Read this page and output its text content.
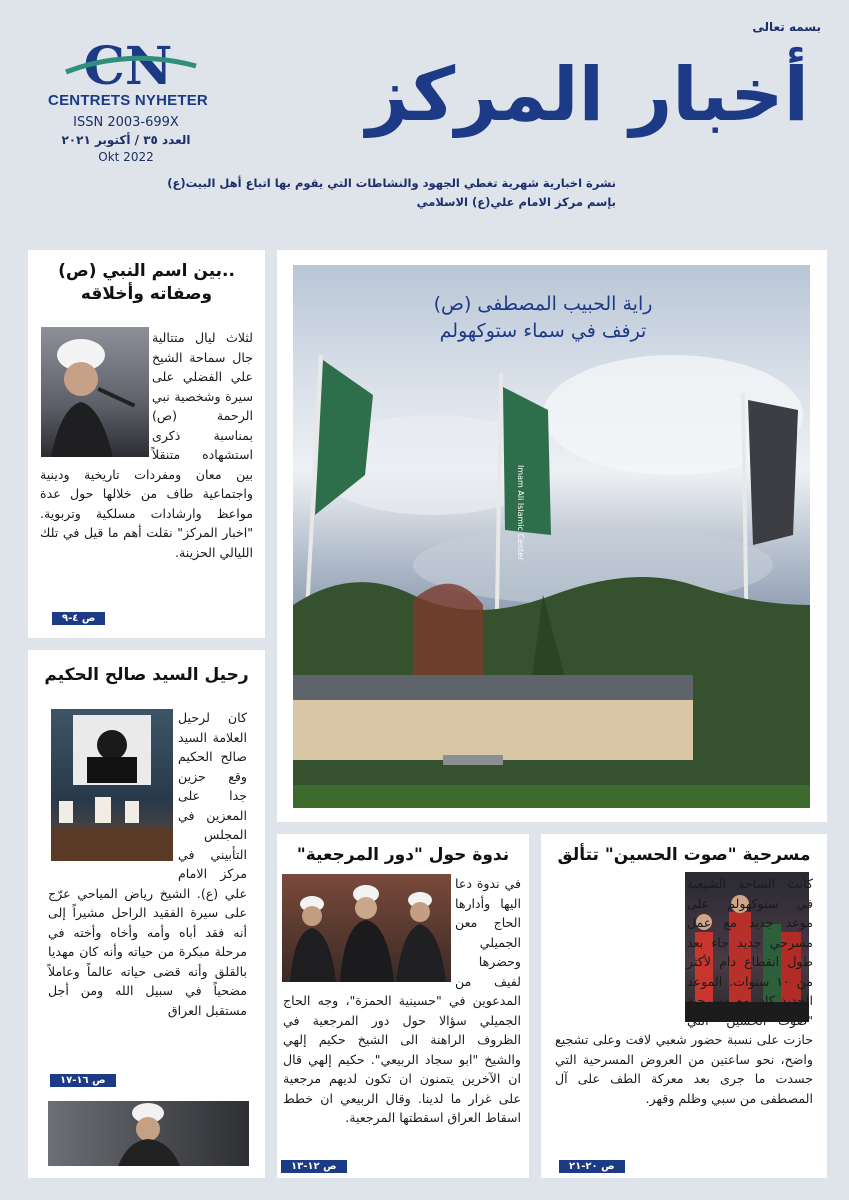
بسمه تعالى
CN
CENTRETS NYHETER
ISSN 2003-699X
العدد ٣٥ / أكتوبر ٢٠٢١
Okt 2022
أخبار المركز
نشرة اخبارية شهرية تغطي الجهود والنشاطات التي يقوم بها اتباع أهل البيت(ع)
بإسم مركز الامام علي(ع) الاسلامي
راية الحبيب المصطفى (ص)
ترفف في سماء ستوكهولم
Imam Ali Islamic Center
..بين اسم النبي (ص)
وصفاته وأخلاقه
لثلاث ليال متتالية جال سماحة الشيخ علي الفضلي على سيرة وشخصية نبي الرحمة (ص) بمناسبة ذكرى استشهاده متنقلاً بين معان ومفردات تاريخية ودينية واجتماعية طاف من خلالها حول عدة مواعظ وارشادات مسلكية وتربوية. "اخبار المركز" نقلت أهم ما قيل في تلك الليالي الحزينة.
ص ٤-٩
رحيل السيد صالح الحكيم
كان لرحيل العلامة السيد صالح الحكيم وقع حزين جدا على المعزين في المجلس التأبيني في مركز الامام علي (ع). الشيخ رياض المياحي عرّج على سيرة الفقيد الراحل مشيراً إلى أنه فقد أباه وأمه وأخاه وأخته في مرحلة مبكرة من حياته وأنه كان مهديا بالقلق وأنه قضى حياته عالماً وعاملاً مضحياً في سبيل الله ومن أجل مستقبل العراق
ص ١٦-١٧
ندوة حول "دور المرجعية"
في ندوة دعا اليها وأدارها الحاج معن الجميلي وحضرها لفيف من المدعوين في "حسينية الحمزة"، وجه الحاج الجميلي سؤالا حول دور المرجعية في الظروف الراهنة الى الشيخ حكيم إلهي والشيخ "ابو سجاد الربيعي". حكيم إلهي قال ان الآخرين يتمنون ان تكون لديهم مرجعية على غرار ما لدينا. وقال الربيعي ان خطط اسقاط العراق اسقطتها المرجعية.
ص ١٢-١٣
مسرحية "صوت الحسين" تتألق
كانت الساحة الشيعية في ستوكهولم على موعد جديد مع عمل مسرحي جديد جاء بعد طول انقطاع دام لأكثر من ١٠ سنوات. الموعد الجديد كان مع مسرحية "صوت الحسين" التي حازت على نسبة حضور شعبي لافت وعلى تشجيع واضح، نحو ساعتين من العروض المسرحية التي جسدت ما جرى بعد معركة الطف على آل المصطفى من سبي وظلم وقهر.
ص ٢٠-٢١
